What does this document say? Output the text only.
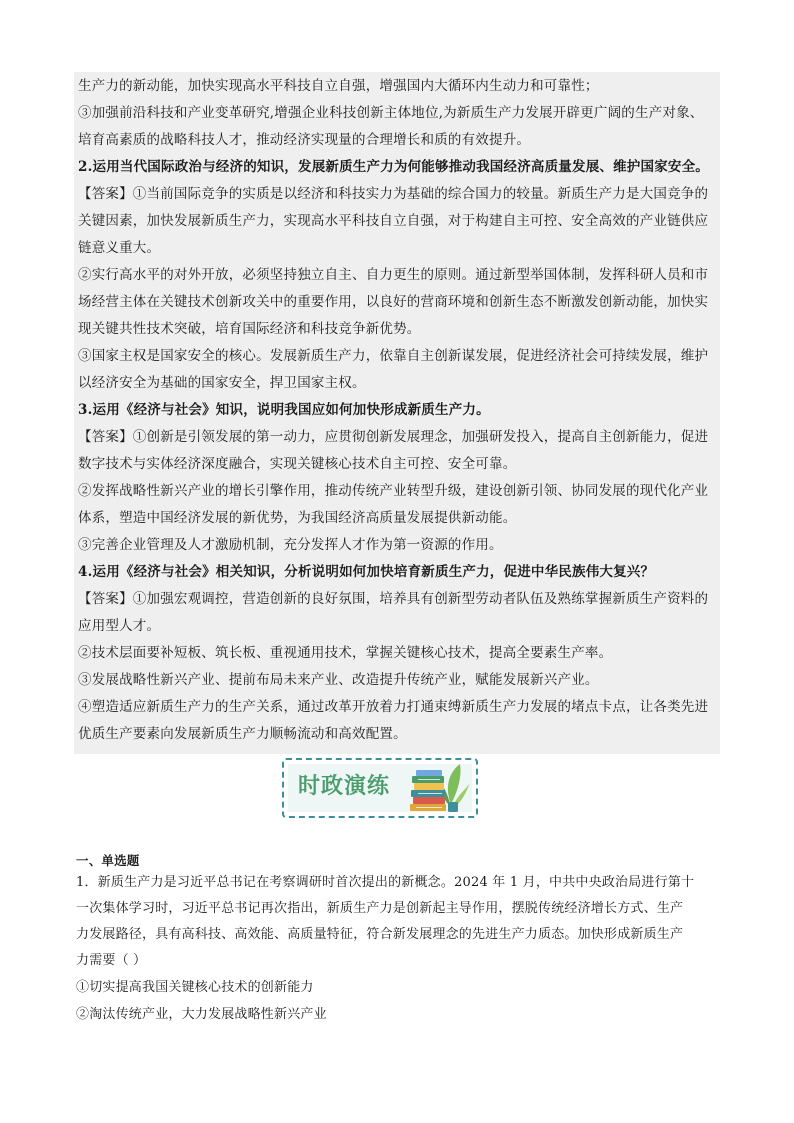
生产力的新动能，加快实现高水平科技自立自强，增强国内大循环内生动力和可靠性；
③加强前沿科技和产业变革研究,增强企业科技创新主体地位,为新质生产力发展开辟更广阔的生产对象、
培育高素质的战略科技人才，推动经济实现量的合理增长和质的有效提升。
2.运用当代国际政治与经济的知识，发展新质生产力为何能够推动我国经济高质量发展、维护国家安全。
【答案】①当前国际竞争的实质是以经济和科技实力为基础的综合国力的较量。新质生产力是大国竞争的
关键因素，加快发展新质生产力，实现高水平科技自立自强，对于构建自主可控、安全高效的产业链供应
链意义重大。
②实行高水平的对外开放，必须坚持独立自主、自力更生的原则。通过新型举国体制，发挥科研人员和市
场经营主体在关键技术创新攻关中的重要作用，以良好的营商环境和创新生态不断激发创新动能，加快实
现关键共性技术突破，培育国际经济和科技竞争新优势。
③国家主权是国家安全的核心。发展新质生产力，依靠自主创新谋发展，促进经济社会可持续发展，维护
以经济安全为基础的国家安全，捍卫国家主权。
3.运用《经济与社会》知识，说明我国应如何加快形成新质生产力。
【答案】①创新是引领发展的第一动力，应贯彻创新发展理念，加强研发投入，提高自主创新能力，促进
数字技术与实体经济深度融合，实现关键核心技术自主可控、安全可靠。
②发挥战略性新兴产业的增长引擎作用，推动传统产业转型升级，建设创新引领、协同发展的现代化产业
体系，塑造中国经济发展的新优势，为我国经济高质量发展提供新动能。
③完善企业管理及人才激励机制，充分发挥人才作为第一资源的作用。
4.运用《经济与社会》相关知识，分析说明如何加快培育新质生产力，促进中华民族伟大复兴？
【答案】①加强宏观调控，营造创新的良好氛围，培养具有创新型劳动者队伍及熟练掌握新质生产资料的
应用型人才。
②技术层面要补短板、筑长板、重视通用技术，掌握关键核心技术，提高全要素生产率。
③发展战略性新兴产业、提前布局未来产业、改造提升传统产业，赋能发展新兴产业。
④塑造适应新质生产力的生产关系，通过改革开放着力打通束缚新质生产力发展的堵点卡点，让各类先进
优质生产要素向发展新质生产力顺畅流动和高效配置。
时政演练
一、单选题
1．新质生产力是习近平总书记在考察调研时首次提出的新概念。2024 年 1 月，中共中央政治局进行第十
一次集体学习时，习近平总书记再次指出，新质生产力是创新起主导作用，摆脱传统经济增长方式、生产
力发展路径，具有高科技、高效能、高质量特征，符合新发展理念的先进生产力质态。加快形成新质生产
力需要（ ）
①切实提高我国关键核心技术的创新能力
②淘汰传统产业，大力发展战略性新兴产业
